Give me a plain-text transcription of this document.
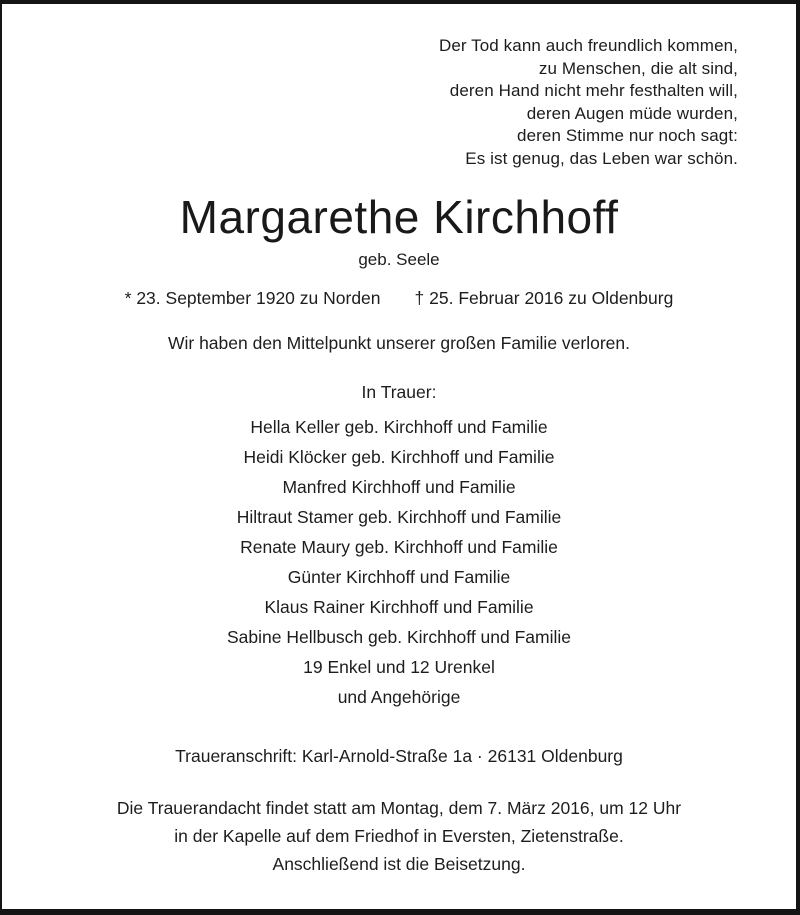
Der Tod kann auch freundlich kommen,
zu Menschen, die alt sind,
deren Hand nicht mehr festhalten will,
deren Augen müde wurden,
deren Stimme nur noch sagt:
Es ist genug, das Leben war schön.
Margarethe Kirchhoff
geb. Seele
* 23. September 1920 zu Norden † 25. Februar 2016 zu Oldenburg
Wir haben den Mittelpunkt unserer großen Familie verloren.
In Trauer:
Hella Keller geb. Kirchhoff und Familie
Heidi Klöcker geb. Kirchhoff und Familie
Manfred Kirchhoff und Familie
Hiltraut Stamer geb. Kirchhoff und Familie
Renate Maury geb. Kirchhoff und Familie
Günter Kirchhoff und Familie
Klaus Rainer Kirchhoff und Familie
Sabine Hellbusch geb. Kirchhoff und Familie
19 Enkel und 12 Urenkel
und Angehörige
Traueranschrift: Karl-Arnold-Straße 1a · 26131 Oldenburg
Die Trauerandacht findet statt am Montag, dem 7. März 2016, um 12 Uhr
in der Kapelle auf dem Friedhof in Eversten, Zietenstraße.
Anschließend ist die Beisetzung.
